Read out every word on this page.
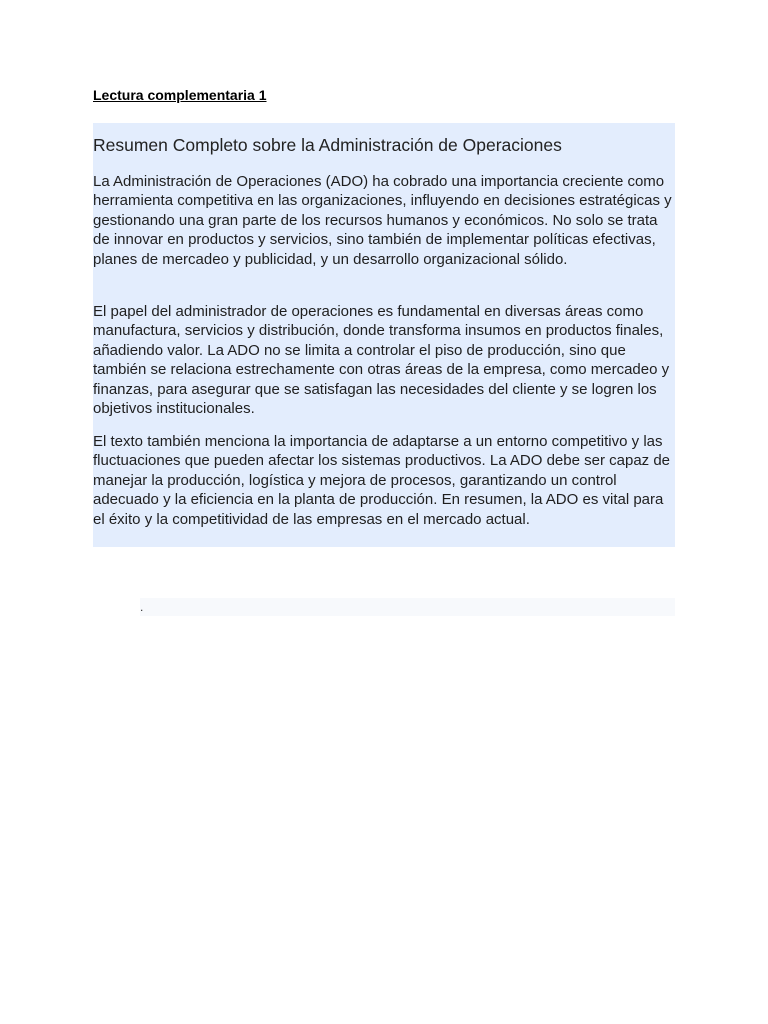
Lectura complementaria 1

Resumen Completo sobre la Administración de Operaciones

La Administración de Operaciones (ADO) ha cobrado una importancia creciente como herramienta competitiva en las organizaciones, influyendo en decisiones estratégicas y gestionando una gran parte de los recursos humanos y económicos. No solo se trata de innovar en productos y servicios, sino también de implementar políticas efectivas, planes de mercadeo y publicidad, y un desarrollo organizacional sólido.

El papel del administrador de operaciones es fundamental en diversas áreas como manufactura, servicios y distribución, donde transforma insumos en productos finales, añadiendo valor. La ADO no se limita a controlar el piso de producción, sino que también se relaciona estrechamente con otras áreas de la empresa, como mercadeo y finanzas, para asegurar que se satisfagan las necesidades del cliente y se logren los objetivos institucionales.

El texto también menciona la importancia de adaptarse a un entorno competitivo y las fluctuaciones que pueden afectar los sistemas productivos. La ADO debe ser capaz de manejar la producción, logística y mejora de procesos, garantizando un control adecuado y la eficiencia en la planta de producción. En resumen, la ADO es vital para el éxito y la competitividad de las empresas en el mercado actual.

.
